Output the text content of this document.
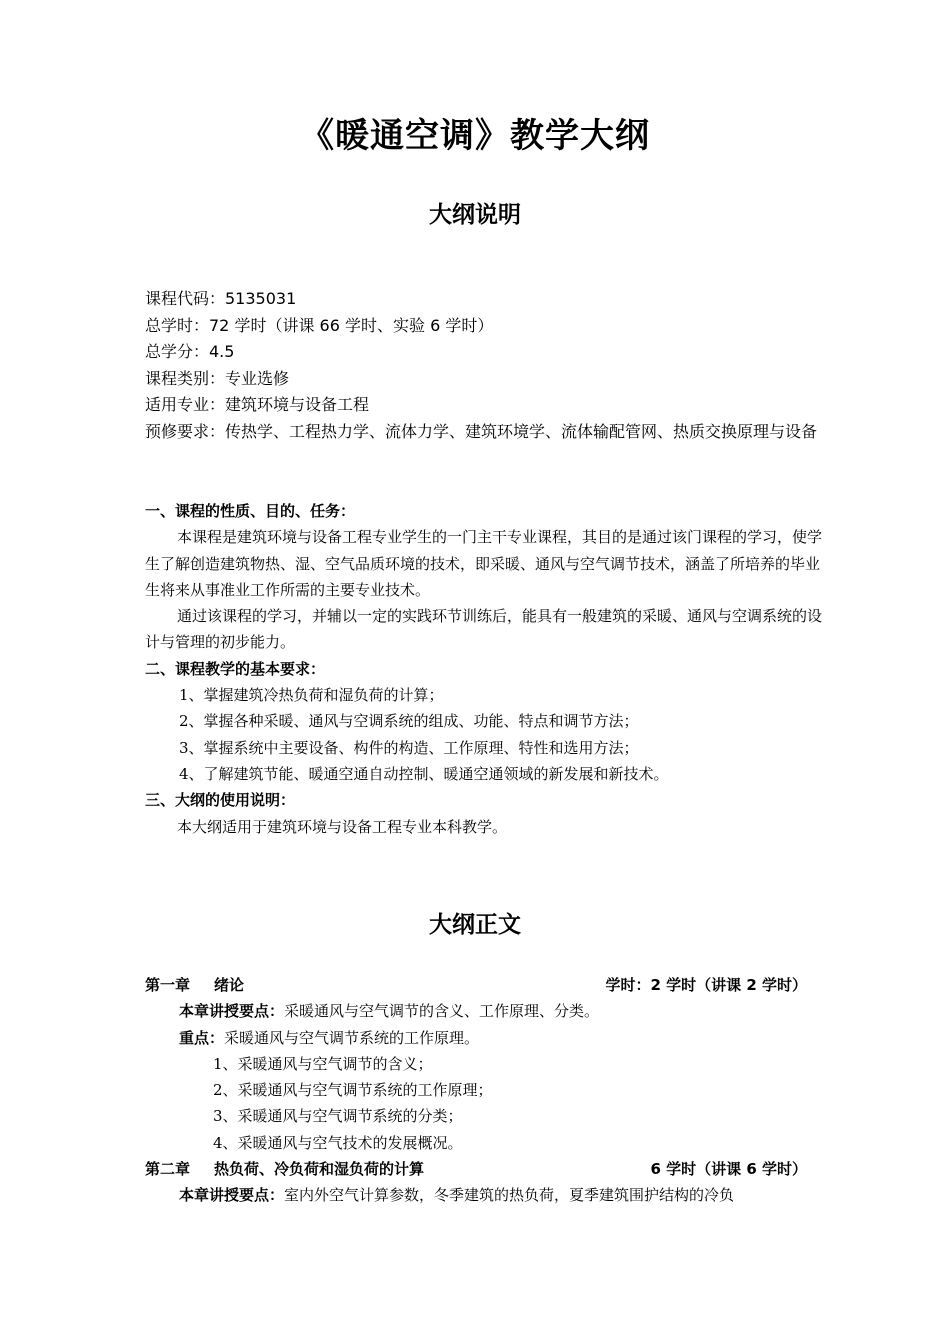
《暖通空调》教学大纲
大纲说明
课程代码：5135031
总学时：72 学时（讲课 66 学时、实验 6 学时）
总学分：4.5
课程类别：专业选修
适用专业：建筑环境与设备工程
预修要求：传热学、工程热力学、流体力学、建筑环境学、流体输配管网、热质交换原理与设备
一、课程的性质、目的、任务：
本课程是建筑环境与设备工程专业学生的一门主干专业课程，其目的是通过该门课程的学习，使学生了解创造建筑物热、湿、空气品质环境的技术，即采暖、通风与空气调节技术，涵盖了所培养的毕业生将来从事准业工作所需的主要专业技术。
通过该课程的学习，并辅以一定的实践环节训练后，能具有一般建筑的采暖、通风与空调系统的设计与管理的初步能力。
二、课程教学的基本要求：
1、掌握建筑冷热负荷和湿负荷的计算；
2、掌握各种采暖、通风与空调系统的组成、功能、特点和调节方法；
3、掌握系统中主要设备、构件的构造、工作原理、特性和选用方法；
4、了解建筑节能、暖通空通自动控制、暖通空通领域的新发展和新技术。
三、大纲的使用说明：
本大纲适用于建筑环境与设备工程专业本科教学。
大纲正文
第一章 绪论	学时：2 学时（讲课 2 学时）
本章讲授要点：采暖通风与空气调节的含义、工作原理、分类。
重点：采暖通风与空气调节系统的工作原理。
1、采暖通风与空气调节的含义；
2、采暖通风与空气调节系统的工作原理；
3、采暖通风与空气调节系统的分类；
4、采暖通风与空气技术的发展概况。
第二章 热负荷、冷负荷和湿负荷的计算	6 学时（讲课 6 学时）
本章讲授要点：室内外空气计算参数，冬季建筑的热负荷，夏季建筑围护结构的冷负
